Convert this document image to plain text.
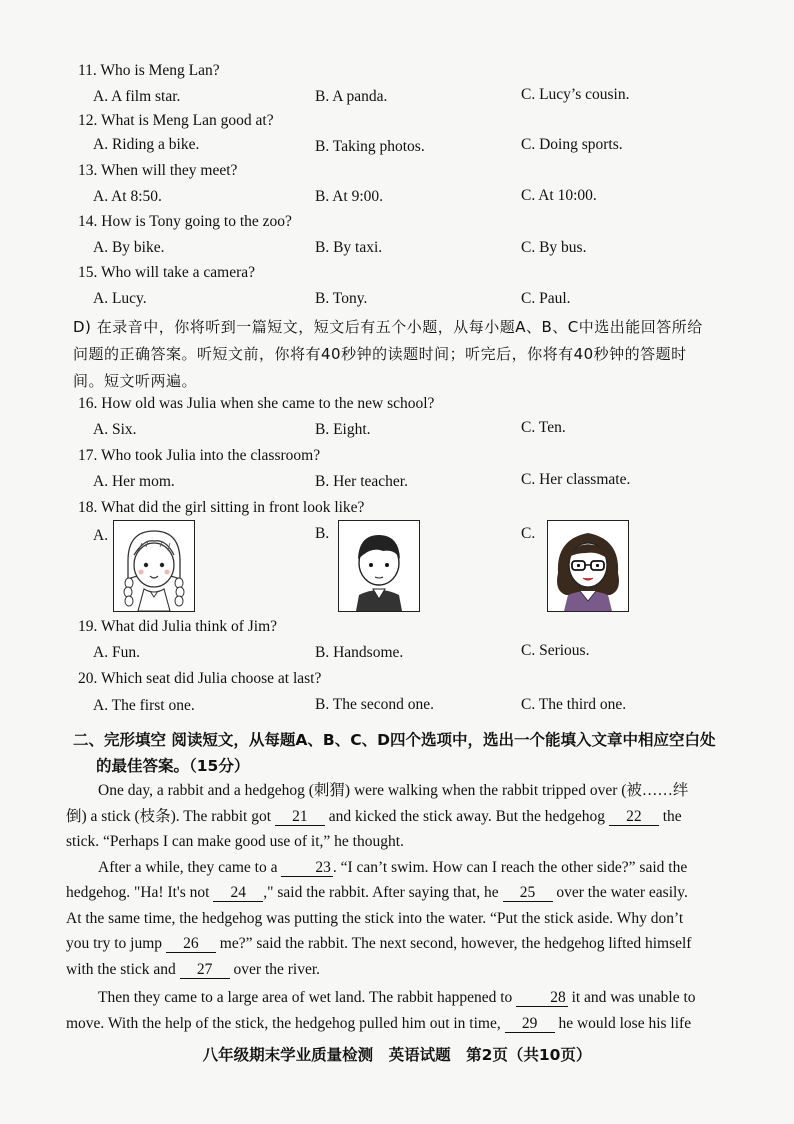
11. Who is Meng Lan?
A. A film star.	B. A panda.	C. Lucy’s cousin.
12. What is Meng Lan good at?
A. Riding a bike.	B. Taking photos.	C. Doing sports.
13. When will they meet?
A. At 8:50.	B. At 9:00.	C. At 10:00.
14. How is Tony going to the zoo?
A. By bike.	B. By taxi.	C. By bus.
15. Who will take a camera?
A. Lucy.	B. Tony.	C. Paul.
D) 在录音中，你将听到一篇短文，短文后有五个小题，从每小题A、B、C中选出能回答所给
问题的正确答案。听短文前，你将有40秒钟的读题时间；听完后，你将有40秒钟的答题时
间。短文听两遍。
16. How old was Julia when she came to the new school?
A. Six.	B. Eight.	C. Ten.
17. Who took Julia into the classroom?
A. Her mom.	B. Her teacher.	C. Her classmate.
18. What did the girl sitting in front look like?
A.	B.	C.
19. What did Julia think of Jim?
A. Fun.	B. Handsome.	C. Serious.
20. Which seat did Julia choose at last?
A. The first one.	B. The second one.	C. The third one.
二、完形填空 阅读短文，从每题A、B、C、D四个选项中，选出一个能填入文章中相应空白处
的最佳答案。（15分）
One day, a rabbit and a hedgehog (刺猬) were walking when the rabbit tripped over (被……绊
倒) a stick (枝条). The rabbit got 21 and kicked the stick away. But the hedgehog 22 the
stick. “Perhaps I can make good use of it,” he thought.
After a while, they came to a 23 . “I can’t swim. How can I reach the other side?” said the
hedgehog. "Ha! It's not 24 ," said the rabbit. After saying that, he 25 over the water easily.
At the same time, the hedgehog was putting the stick into the water. “Put the stick aside. Why don’t
you try to jump 26 me?” said the rabbit. The next second, however, the hedgehog lifted himself
with the stick and 27 over the river.
Then they came to a large area of wet land. The rabbit happened to 28 it and was unable to
move. With the help of the stick, the hedgehog pulled him out in time, 29 he would lose his life
八年级期末学业质量检测　英语试题　第2页（共10页）
